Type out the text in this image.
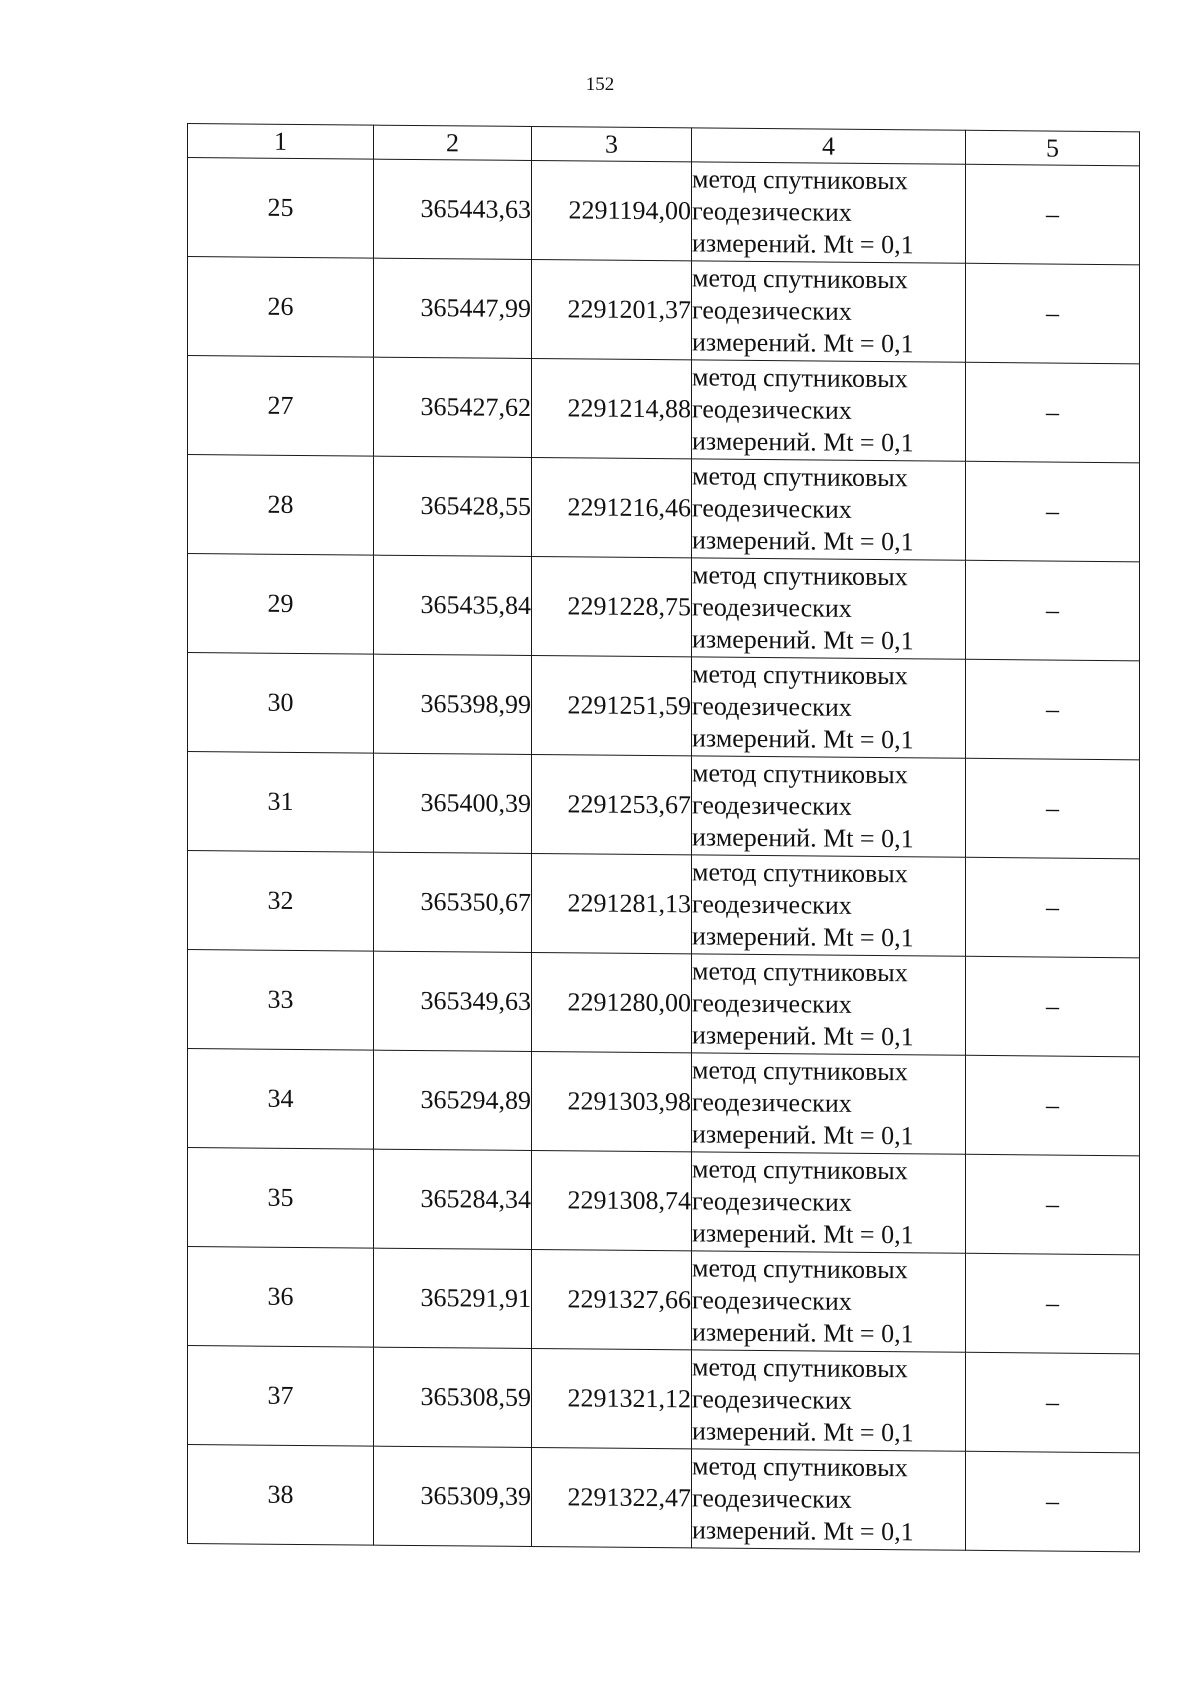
152
1	2	3	4	5
25	365443,63	2291194,00	метод спутниковых
геодезических
измерений. Mt = 0,1	–
26	365447,99	2291201,37	метод спутниковых
геодезических
измерений. Mt = 0,1	–
27	365427,62	2291214,88	метод спутниковых
геодезических
измерений. Mt = 0,1	–
28	365428,55	2291216,46	метод спутниковых
геодезических
измерений. Mt = 0,1	–
29	365435,84	2291228,75	метод спутниковых
геодезических
измерений. Mt = 0,1	–
30	365398,99	2291251,59	метод спутниковых
геодезических
измерений. Mt = 0,1	–
31	365400,39	2291253,67	метод спутниковых
геодезических
измерений. Mt = 0,1	–
32	365350,67	2291281,13	метод спутниковых
геодезических
измерений. Mt = 0,1	–
33	365349,63	2291280,00	метод спутниковых
геодезических
измерений. Mt = 0,1	–
34	365294,89	2291303,98	метод спутниковых
геодезических
измерений. Mt = 0,1	–
35	365284,34	2291308,74	метод спутниковых
геодезических
измерений. Mt = 0,1	–
36	365291,91	2291327,66	метод спутниковых
геодезических
измерений. Mt = 0,1	–
37	365308,59	2291321,12	метод спутниковых
геодезических
измерений. Mt = 0,1	–
38	365309,39	2291322,47	метод спутниковых
геодезических
измерений. Mt = 0,1	–
